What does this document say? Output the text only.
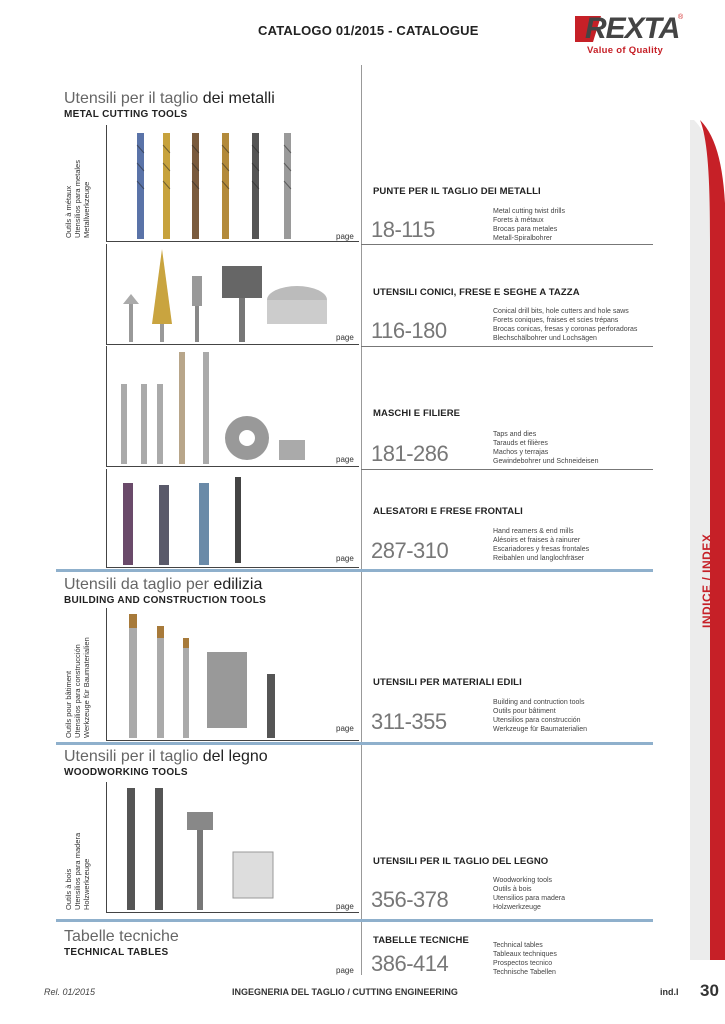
CATALOGO 01/2015 - CATALOGUE	REXTA
®
Value of Quality
INDICE / INDEX
Utensili per il taglio dei metalli
METAL CUTTING TOOLS
Outils à métaux Utensilios para metales Metallwerkzeuge	PUNTE PER IL TAGLIO DEI METALLI
page 18-115
Metal cutting twist drills
Forets à métaux
Brocas para metales
Metall-Spiralbohrer
UTENSILI CONICI, FRESE E SEGHE A TAZZA
page 116-180
Conical drill bits, hole cutters and hole saws
Forets coniques, fraises et scies trépans
Brocas conicas, fresas y coronas perforadoras
Blechschälbohrer und Lochsägen
MASCHI E FILIERE
page 181-286
Taps and dies
Tarauds et filières
Machos y terrajas
Gewindebohrer und Schneideisen
ALESATORI E FRESE FRONTALI
page 287-310
Hand reamers & end mills
Alésoirs et fraises à rainurer
Escariadores y fresas frontales
Reibahlen und langlochfräser
Utensili da taglio per edilizia
BUILDING AND CONSTRUCTION TOOLS
Outils pour bâtiment Utensilios para construcción Werkzeuge für Baumaterialien	UTENSILI PER MATERIALI EDILI
page 311-355
Building and contruction tools
Outils pour bâtiment
Utensilios para construcción
Werkzeuge für Baumaterialien
Utensili per il taglio del legno
WOODWORKING TOOLS
Outils à bois Utensilios para madera Holzwerkzeuge	UTENSILI PER IL TAGLIO DEL LEGNO
page 356-378
Woodworking tools
Outils à bois
Utensilios para madera
Holzwerkzeuge
Tabelle tecniche
TECHNICAL TABLES
TABELLE TECNICHE
page 386-414
Technical tables
Tableaux techniques
Prospectos tecnico
Technische Tabellen
Rel. 01/2015	INGEGNERIA DEL TAGLIO / CUTTING ENGINEERING	ind.I 30
